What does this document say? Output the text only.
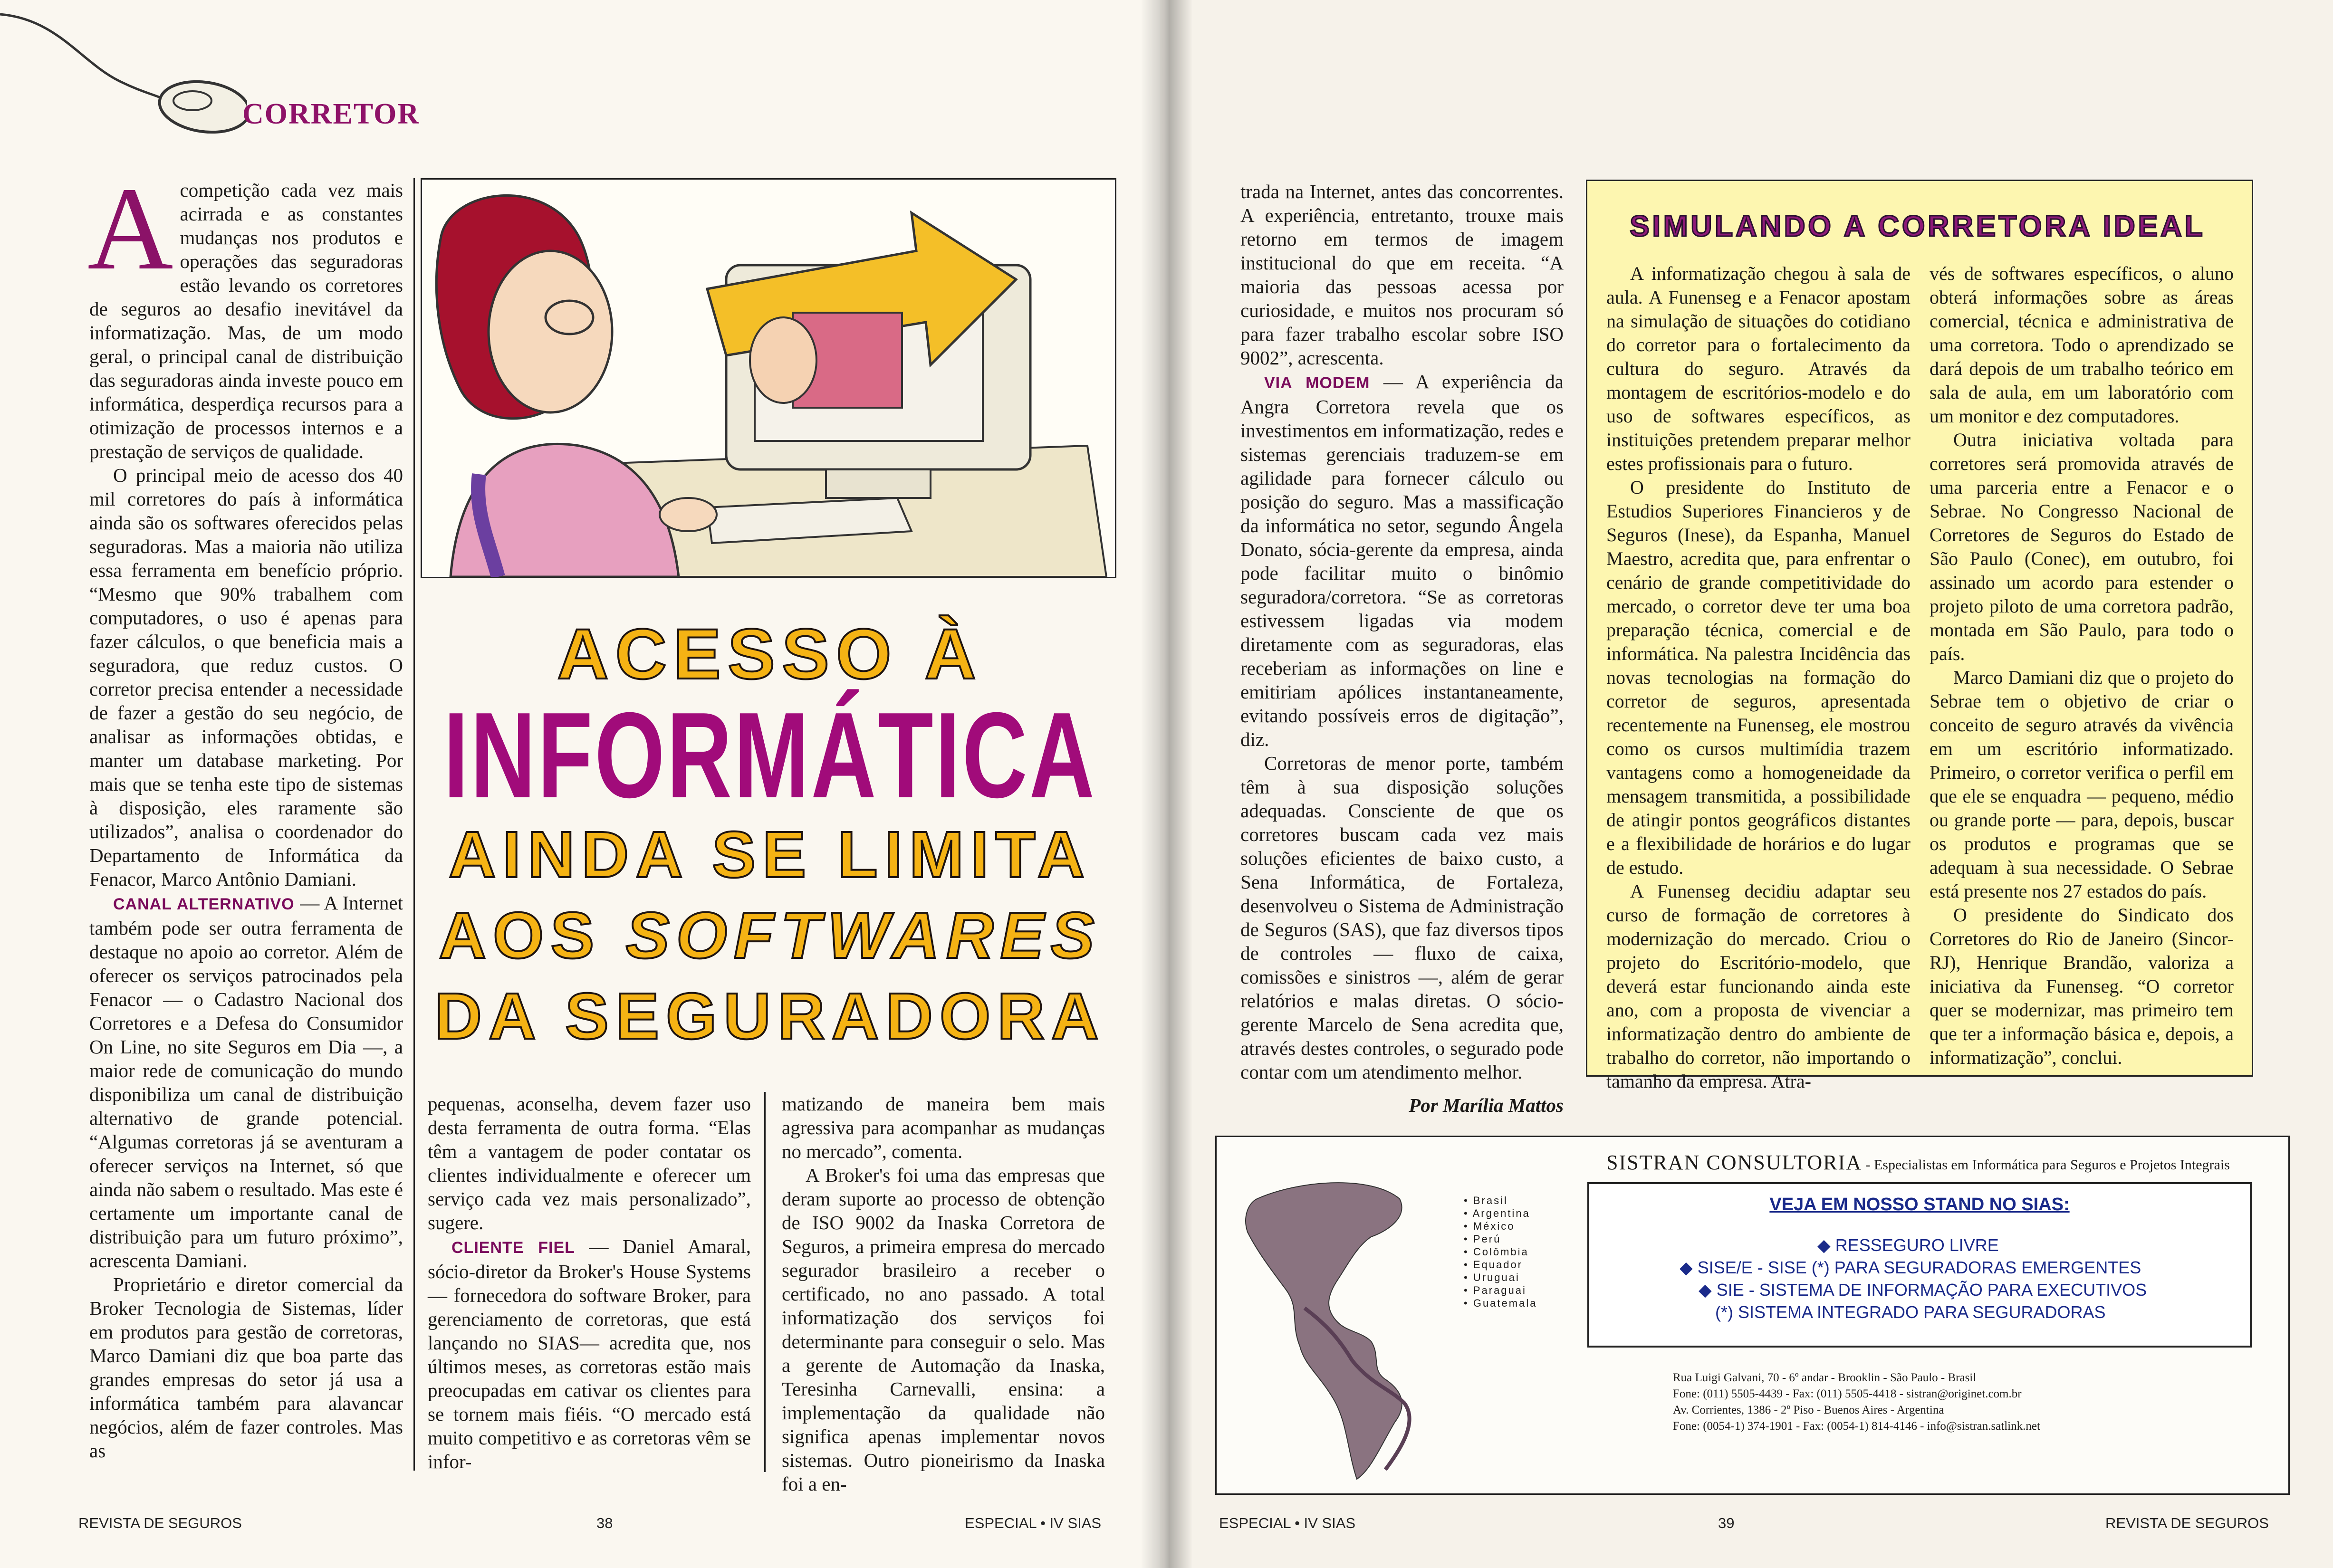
CORRETOR
ACESSO À
INFORMÁTICA
AINDA SE LIMITA
AOS SOFTWARES
DA SEGURADORA

Acompetição cada vez mais acirrada e as constantes mudanças nos produtos e operações das seguradoras estão levando os corretores de seguros ao desafio inevitável da informatização. Mas, de um modo geral, o principal canal de distribuição das seguradoras ainda investe pouco em informática, desperdiça recursos para a otimização de processos internos e a prestação de serviços de qualidade.

O principal meio de acesso dos 40 mil corretores do país à informática ainda são os softwares oferecidos pelas seguradoras. Mas a maioria não utiliza essa ferramenta em benefício próprio. “Mesmo que 90% trabalhem com computadores, o uso é apenas para fazer cálculos, o que beneficia mais a seguradora, que reduz custos. O corretor precisa entender a necessidade de fazer a gestão do seu negócio, de analisar as informações obtidas, e manter um database marketing. Por mais que se tenha este tipo de sistemas à disposição, eles raramente são utilizados”, analisa o coordenador do Departamento de Informática da Fenacor, Marco Antônio Damiani.

CANAL ALTERNATIVO — A Internet também pode ser outra ferramenta de destaque no apoio ao corretor. Além de oferecer os serviços patrocinados pela Fenacor — o Cadastro Nacional dos Corretores e a Defesa do Consumidor On Line, no site Seguros em Dia —, a maior rede de comunicação do mundo disponibiliza um canal de distribuição alternativo de grande potencial. “Algumas corretoras já se aventuram a oferecer serviços na Internet, só que ainda não sabem o resultado. Mas este é certamente um importante canal de distribuição para um futuro próximo”, acrescenta Damiani.

Proprietário e diretor comercial da Broker Tecnologia de Sistemas, líder em produtos para gestão de corretoras, Marco Damiani diz que boa parte das grandes empresas do setor já usa a informática também para alavancar negócios, além de fazer controles. Mas as

pequenas, aconselha, devem fazer uso desta ferramenta de outra forma. “Elas têm a vantagem de poder contatar os clientes individualmente e oferecer um serviço cada vez mais personalizado”, sugere.

CLIENTE FIEL — Daniel Amaral, sócio-diretor da Broker's House Systems — fornecedora do software Broker, para gerenciamento de corretoras, que está lançando no SIAS— acredita que, nos últimos meses, as corretoras estão mais preocupadas em cativar os clientes para se tornem mais fiéis. “O mercado está muito competitivo e as corretoras vêm se infor-

matizando de maneira bem mais agressiva para acompanhar as mudanças no mercado”, comenta.

A Broker's foi uma das empresas que deram suporte ao processo de obtenção de ISO 9002 da Inaska Corretora de Seguros, a primeira empresa do mercado segurador brasileiro a receber o certificado, no ano passado. A total informatização dos serviços foi determinante para conseguir o selo. Mas a gerente de Automação da Inaska, Teresinha Carnevalli, ensina: a implementação da qualidade não significa apenas implementar novos sistemas. Outro pioneirismo da Inaska foi a en-

REVISTA DE SEGUROS	38	ESPECIAL • IV SIAS

trada na Internet, antes das concorrentes. A experiência, entretanto, trouxe mais retorno em termos de imagem institucional do que em receita. “A maioria das pessoas acessa por curiosidade, e muitos nos procuram só para fazer trabalho escolar sobre ISO 9002”, acrescenta.

VIA MODEM — A experiência da Angra Corretora revela que os investimentos em informatização, redes e sistemas gerenciais traduzem-se em agilidade para fornecer cálculo ou posição do seguro. Mas a massificação da informática no setor, segundo Ângela Donato, sócia-gerente da empresa, ainda pode facilitar muito o binômio seguradora/corretora. “Se as corretoras estivessem ligadas via modem diretamente com as seguradoras, elas receberiam as informações on line e emitiriam apólices instantaneamente, evitando possíveis erros de digitação”, diz.

Corretoras de menor porte, também têm à sua disposição soluções adequadas. Consciente de que os corretores buscam cada vez mais soluções eficientes de baixo custo, a Sena Informática, de Fortaleza, desenvolveu o Sistema de Administração de Seguros (SAS), que faz diversos tipos de controles — fluxo de caixa, comissões e sinistros —, além de gerar relatórios e malas diretas. O sócio-gerente Marcelo de Sena acredita que, através destes controles, o segurado pode contar com um atendimento melhor.

Por Marília Mattos

SIMULANDO A CORRETORA IDEAL

A informatização chegou à sala de aula. A Funenseg e a Fenacor apostam na simulação de situações do cotidiano do corretor para o fortalecimento da cultura do seguro. Através da montagem de escritórios-modelo e do uso de softwares específicos, as instituições pretendem preparar melhor estes profissionais para o futuro.

O presidente do Instituto de Estudios Superiores Financieros y de Seguros (Inese), da Espanha, Manuel Maestro, acredita que, para enfrentar o cenário de grande competitividade do mercado, o corretor deve ter uma boa preparação técnica, comercial e de informática. Na palestra Incidência das novas tecnologias na formação do corretor de seguros, apresentada recentemente na Funenseg, ele mostrou como os cursos multimídia trazem vantagens como a homogeneidade da mensagem transmitida, a possibilidade de atingir pontos geográficos distantes e a flexibilidade de horários e do lugar de estudo.

A Funenseg decidiu adaptar seu curso de formação de corretores à modernização do mercado. Criou o projeto do Escritório-modelo, que deverá estar funcionando ainda este ano, com a proposta de vivenciar a informatização dentro do ambiente de trabalho do corretor, não importando o tamanho da empresa. Atra-

vés de softwares específicos, o aluno obterá informações sobre as áreas comercial, técnica e administrativa de uma corretora. Todo o aprendizado se dará depois de um trabalho teórico em sala de aula, em um laboratório com um monitor e dez computadores.

Outra iniciativa voltada para corretores será promovida através de uma parceria entre a Fenacor e o Sebrae. No Congresso Nacional de Corretores de Seguros do Estado de São Paulo (Conec), em outubro, foi assinado um acordo para estender o projeto piloto de uma corretora padrão, montada em São Paulo, para todo o país.

Marco Damiani diz que o projeto do Sebrae tem o objetivo de criar o conceito de seguro através da vivência em um escritório informatizado. Primeiro, o corretor verifica o perfil em que ele se enquadra — pequeno, médio ou grande porte — para, depois, buscar os produtos e programas que se adequam à sua necessidade. O Sebrae está presente nos 27 estados do país.

O presidente do Sindicato dos Corretores do Rio de Janeiro (Sincor-RJ), Henrique Brandão, valoriza a iniciativa da Funenseg. “O corretor quer se modernizar, mas primeiro tem que ter a informação básica e, depois, a informatização”, conclui.

SISTRAN CONSULTORIA - Especialistas em Informática para Seguros e Projetos Integrais
• Brasil
• Argentina
• México
• Perú
• Colômbia
• Equador
• Uruguai
• Paraguai
• Guatemala
VEJA EM NOSSO STAND NO SIAS:
◆ RESSEGURO LIVRE
◆ SISE/E - SISE (*) PARA SEGURADORAS EMERGENTES
◆ SIE - SISTEMA DE INFORMAÇÃO PARA EXECUTIVOS
(*) SISTEMA INTEGRADO PARA SEGURADORAS
Rua Luigi Galvani, 70 - 6º andar - Brooklin - São Paulo - Brasil
Fone: (011) 5505-4439 - Fax: (011) 5505-4418 - sistran@originet.com.br
Av. Corrientes, 1386 - 2º Piso - Buenos Aires - Argentina
Fone: (0054-1) 374-1901 - Fax: (0054-1) 814-4146 - info@sistran.satlink.net
ESPECIAL • IV SIAS	39	REVISTA DE SEGUROS
